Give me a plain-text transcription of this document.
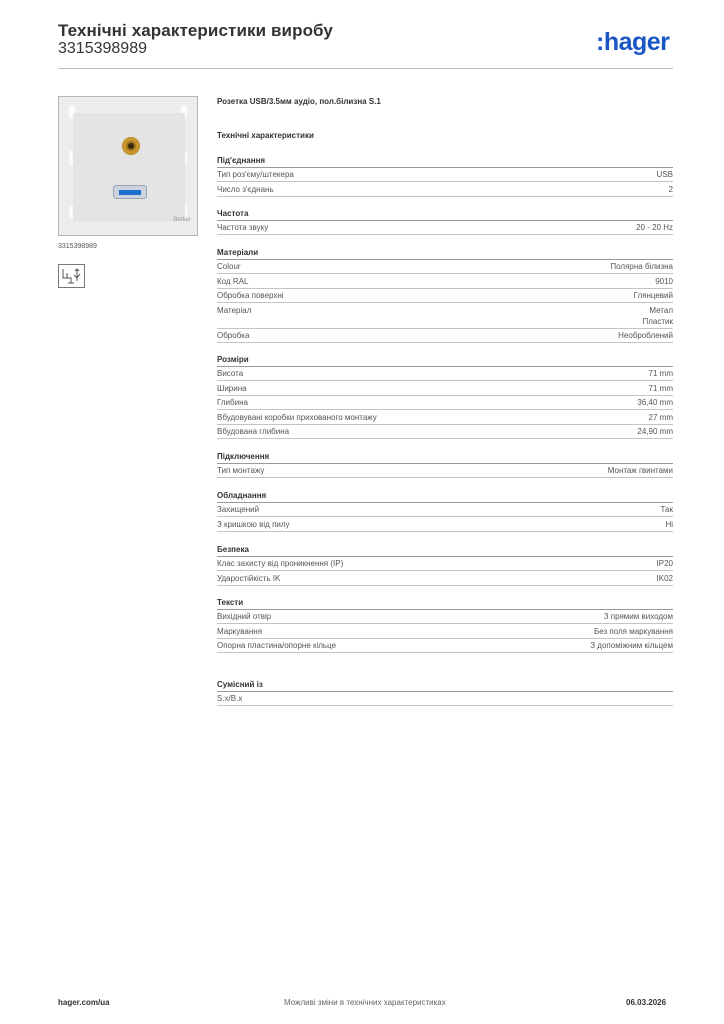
Технічні характеристики виробу
3315398989	:hager
Berker
3315398989
Розетка USB/3.5мм аудіо, пол.білизна S.1
Технічні характеристики
Під'єднання
Тип роз'єму/штекера	USB
Число з'єднань	2
Частота
Частота звуку	20 - 20 Hz
Матеріали
Colour	Полярна білизна
Код RAL	9010
Обробка поверхні	Глянцевий
Матеріал	Метал
Пластик
Обробка	Необроблений
Розміри
Висота	71 mm
Ширина	71 mm
Глибина	36,40 mm
Вбудовувані коробки прихованого монтажу	27 mm
Вбудована глибина	24,90 mm
Підключення
Тип монтажу	Монтаж гвинтами
Обладнання
Захищений	Так
З кришкою від пилу	Ні
Безпека
Клас захисту від проникнення (IP)	IP20
Ударостійкість IK	IK02
Тексти
Вихідний отвір	З прямим виходом
Маркування	Без поля маркування
Опорна пластина/опорне кільце	З допоміжним кільцем
Сумісний із
S.x/B.x
hager.com/ua	Можливі зміни в технічних характеристиках	06.03.2026
